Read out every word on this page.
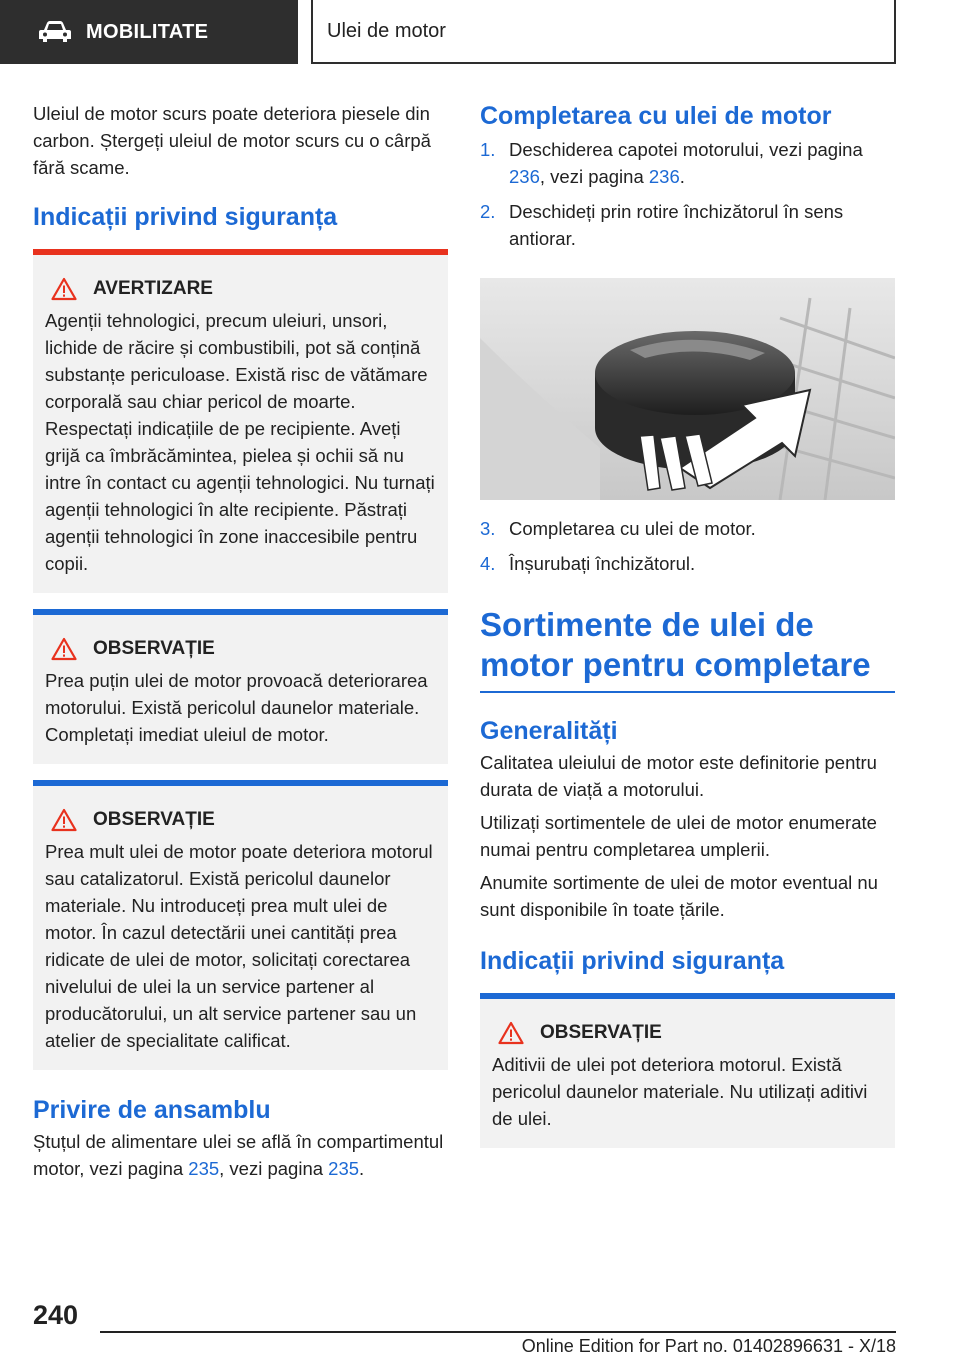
MOBILITATE	Ulei de motor

Uleiul de motor scurs poate deteriora piesele din carbon. Ștergeți uleiul de motor scurs cu o cârpă fără scame.

Indicații privind siguranța
AVERTIZARE
Agenții tehnologici, precum uleiuri, unsori, lichide de răcire și combustibili, pot să conțină substanțe periculoase. Există risc de vătămare corporală sau chiar pericol de moarte. Respectați indicațiile de pe recipiente. Aveți grijă ca îmbrăcămintea, pielea și ochii să nu intre în contact cu agenții tehnologici. Nu turnați agenții tehnologici în alte recipiente. Păstrați agenții tehnologici în zone inaccesibile pentru copii.
OBSERVAȚIE
Prea puțin ulei de motor provoacă deteriorarea motorului. Există pericolul daunelor materiale. Completați imediat uleiul de motor.
OBSERVAȚIE
Prea mult ulei de motor poate deteriora motorul sau catalizatorul. Există pericolul daunelor materiale. Nu introduceți prea mult ulei de motor. În cazul detectării unei cantități prea ridicate de ulei de motor, solicitați corectarea nivelului de ulei la un service partener al producătorului, un alt service partener sau un atelier de specialitate calificat.
Privire de ansamblu

Ștuțul de alimentare ulei se află în compartimentul motor, vezi pagina 235, vezi pagina 235.

Completarea cu ulei de motor
1. Deschiderea capotei motorului, vezi pagina 236, vezi pagina 236.
2. Deschideți prin rotire închizătorul în sens antiorar.
3. Completarea cu ulei de motor.
4. Înșurubați închizătorul.
Sortimente de ulei de motor pentru completare
Generalități

Calitatea uleiului de motor este definitorie pentru durata de viață a motorului.

Utilizați sortimentele de ulei de motor enumerate numai pentru completarea umplerii.

Anumite sortimente de ulei de motor eventual nu sunt disponibile în toate țările.

Indicații privind siguranța
OBSERVAȚIE
Aditivii de ulei pot deteriora motorul. Există pericolul daunelor materiale. Nu utilizați aditivi de ulei.
240
Online Edition for Part no. 01402896631 - X/18
